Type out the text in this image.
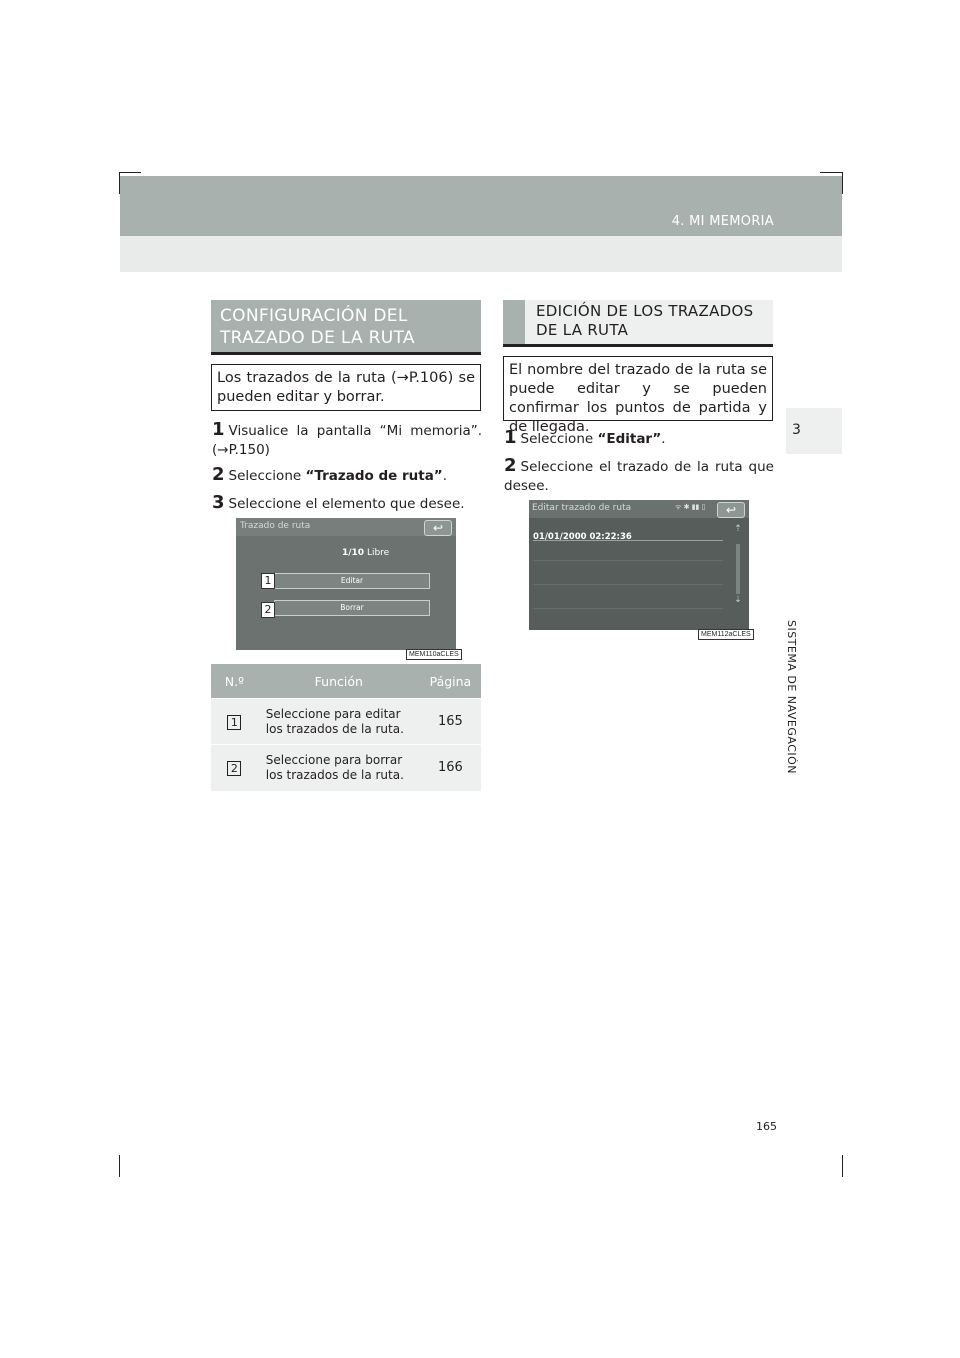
4. MI MEMORIA
3
SISTEMA DE NAVEGACIÓN
CONFIGURACIÓN DEL
TRAZADO DE LA RUTA
Los trazados de la ruta (→P.106) se pueden editar y borrar.
1 Visualice la pantalla “Mi memoria”. (→P.150)
2 Seleccione “Trazado de ruta”.
3 Seleccione el elemento que desee.
Trazado de ruta	↩
1/10 Libre
Editar
Borrar
1
2
MEM110aCLES
N.º	Función	Página
1	Seleccione para editar los trazados de la ruta.	165
2	Seleccione para borrar los trazados de la ruta.	166
EDICIÓN DE LOS TRAZADOS
DE LA RUTA
El nombre del trazado de la ruta se puede editar y se pueden confirmar los puntos de partida y de llegada.
1 Seleccione “Editar”.
2 Seleccione el trazado de la ruta que desee.
Editar trazado de ruta	ᯤ ✱ ▮▮ ▯	↩
01/01/2000 02:22:36
⇡
⇣
MEM112aCLES
165
